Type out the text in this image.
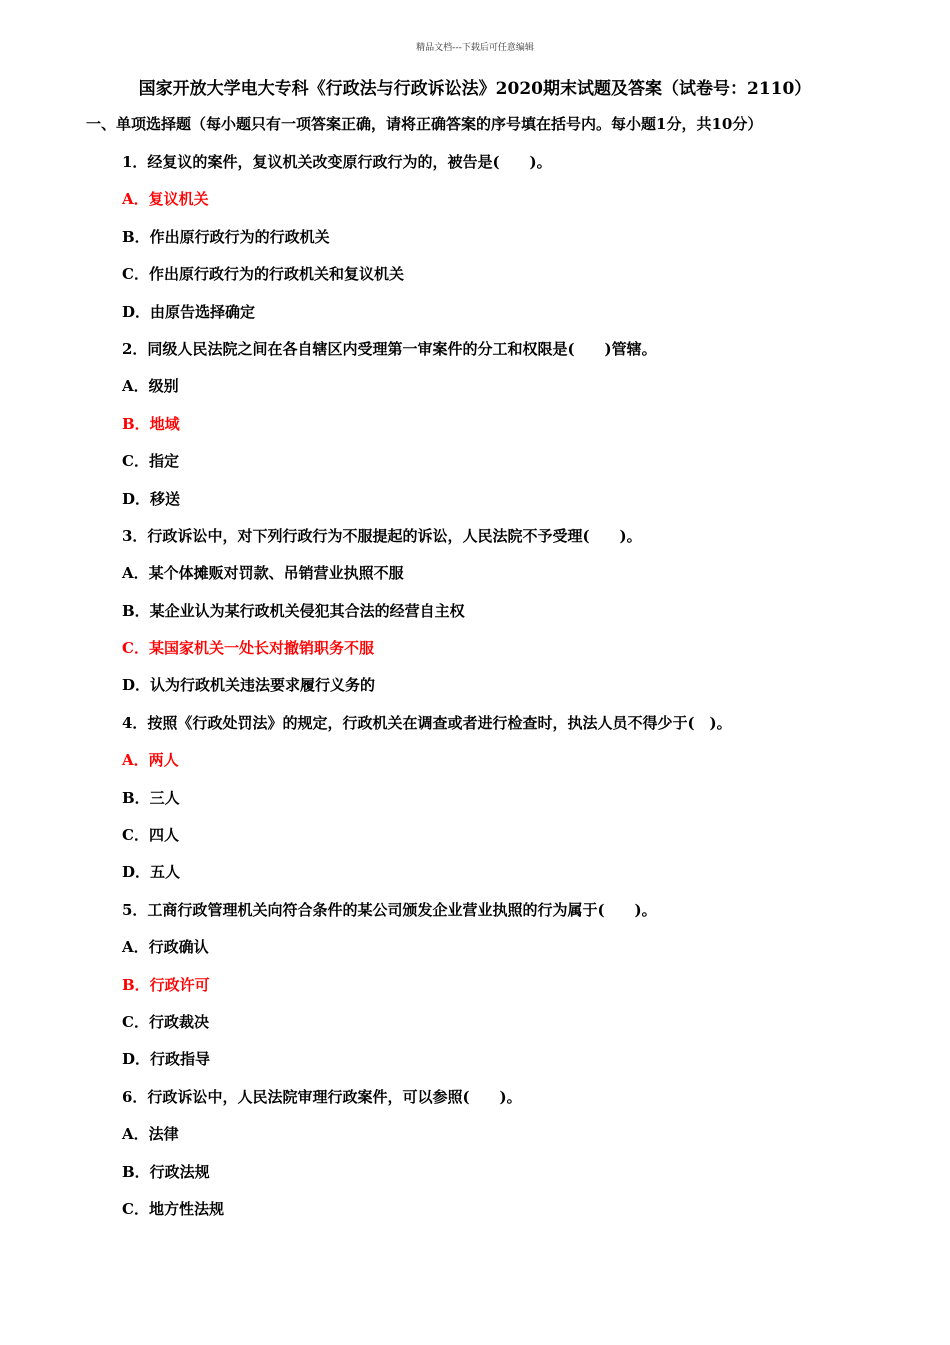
精品文档---下载后可任意编辑
国家开放大学电大专科《行政法与行政诉讼法》2020期末试题及答案（试卷号：2110）
一、单项选择题（每小题只有一项答案正确，请将正确答案的序号填在括号内。每小题1分，共10分）
1．经复议的案件，复议机关改变原行政行为的，被告是(　　)。
A．复议机关
B．作出原行政行为的行政机关
C．作出原行政行为的行政机关和复议机关
D．由原告选择确定
2．同级人民法院之间在各自辖区内受理第一审案件的分工和权限是(　　)管辖。
A．级别
B．地域
C．指定
D．移送
3．行政诉讼中，对下列行政行为不服提起的诉讼，人民法院不予受理(　　)。
A．某个体摊贩对罚款、吊销营业执照不服
B．某企业认为某行政机关侵犯其合法的经营自主权
C．某国家机关一处长对撤销职务不服
D．认为行政机关违法要求履行义务的
4．按照《行政处罚法》的规定，行政机关在调查或者进行检查时，执法人员不得少于(　)。
A．两人
B．三人
C．四人
D．五人
5．工商行政管理机关向符合条件的某公司颁发企业营业执照的行为属于(　　)。
A．行政确认
B．行政许可
C．行政裁决
D．行政指导
6．行政诉讼中，人民法院审理行政案件，可以参照(　　)。
A．法律
B．行政法规
C．地方性法规
